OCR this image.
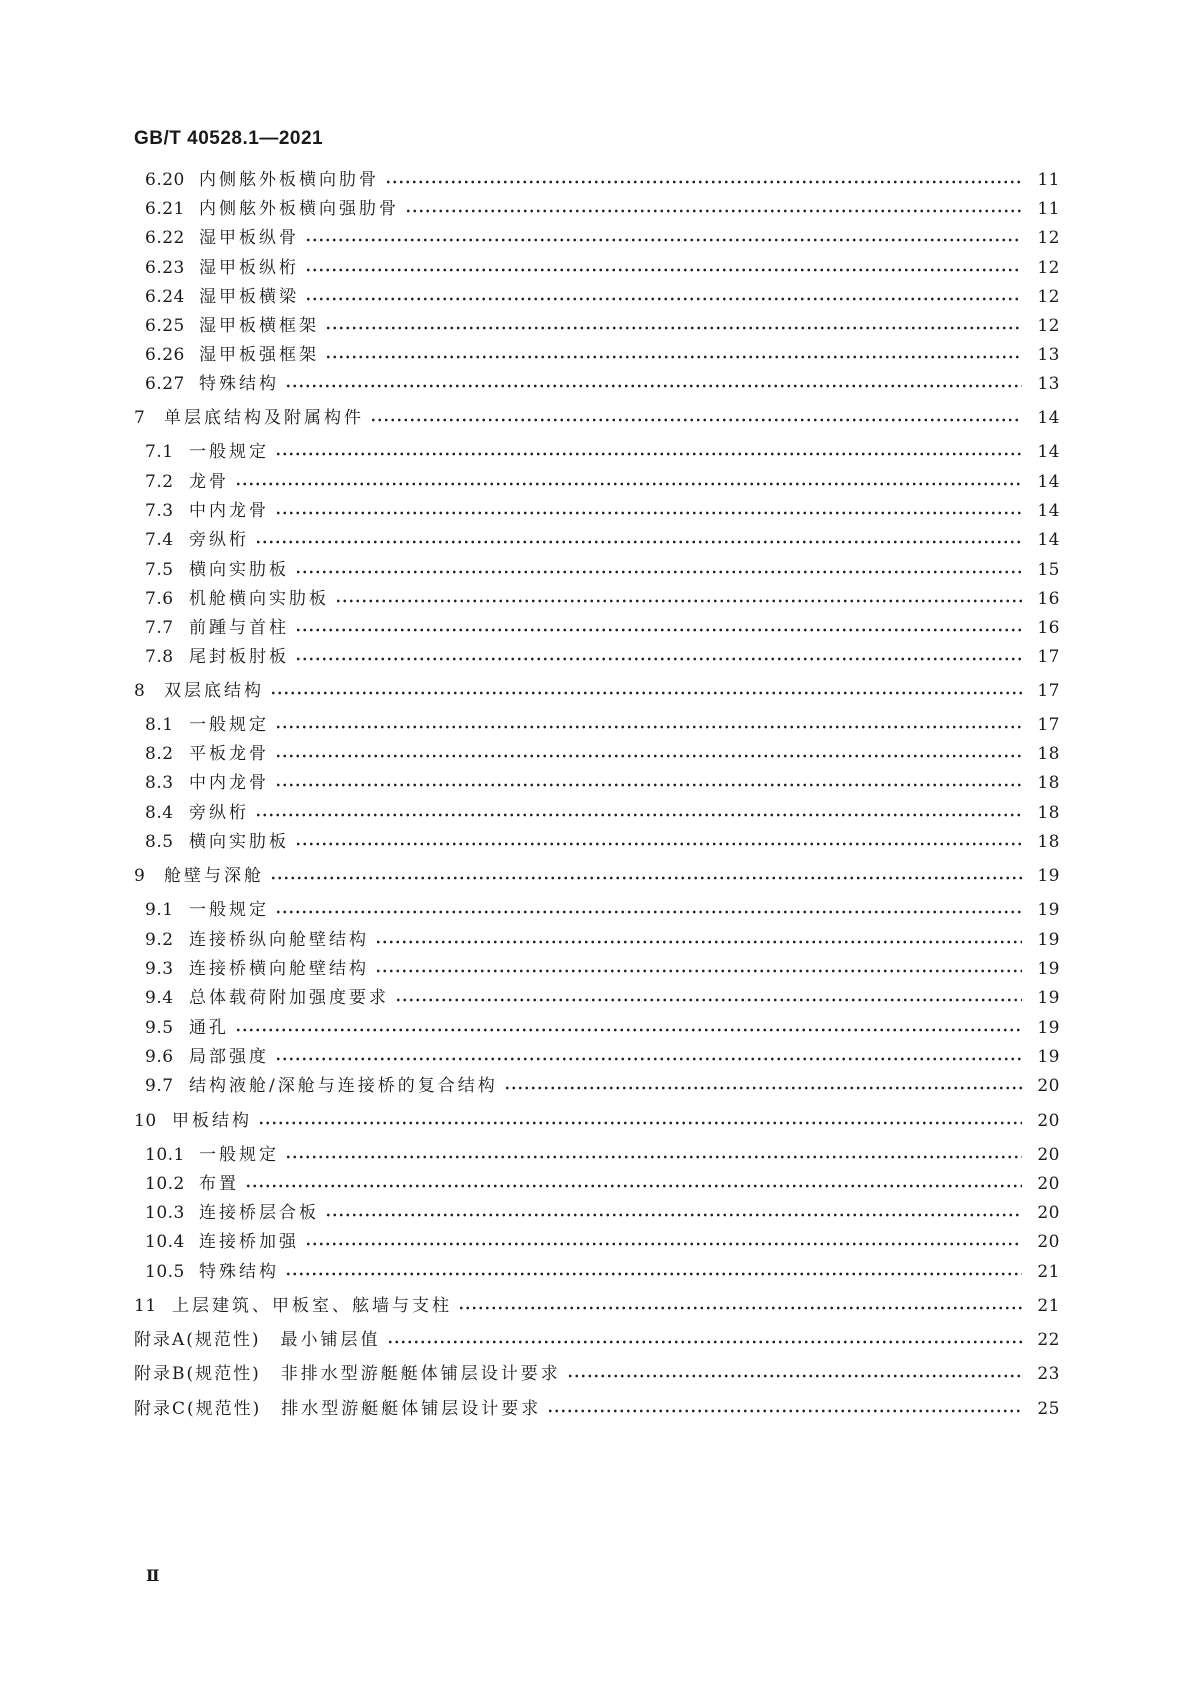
GB/T 40528.1—2021
6.20 内侧舷外板横向肋骨	11
6.21 内侧舷外板横向强肋骨	11
6.22 湿甲板纵骨	12
6.23 湿甲板纵桁	12
6.24 湿甲板横梁	12
6.25 湿甲板横框架	12
6.26 湿甲板强框架	13
6.27 特殊结构	13
7	单层底结构及附属构件	14
7.1 一般规定	14
7.2 龙骨	14
7.3 中内龙骨	14
7.4 旁纵桁	14
7.5 横向实肋板	15
7.6 机舱横向实肋板	16
7.7 前踵与首柱	16
7.8 尾封板肘板	17
8	双层底结构	17
8.1 一般规定	17
8.2 平板龙骨	18
8.3 中内龙骨	18
8.4 旁纵桁	18
8.5 横向实肋板	18
9	舱壁与深舱	19
9.1 一般规定	19
9.2 连接桥纵向舱壁结构	19
9.3 连接桥横向舱壁结构	19
9.4 总体载荷附加强度要求	19
9.5 通孔	19
9.6 局部强度	19
9.7 结构液舱/深舱与连接桥的复合结构	20
10 甲板结构	20
10.1 一般规定	20
10.2 布置	20
10.3 连接桥层合板	20
10.4 连接桥加强	20
10.5 特殊结构	21
11 上层建筑、甲板室、舷墙与支柱	21
附录A(规范性) 最小铺层值	22
附录B(规范性) 非排水型游艇艇体铺层设计要求	23
附录C(规范性) 排水型游艇艇体铺层设计要求	25
Ⅱ
